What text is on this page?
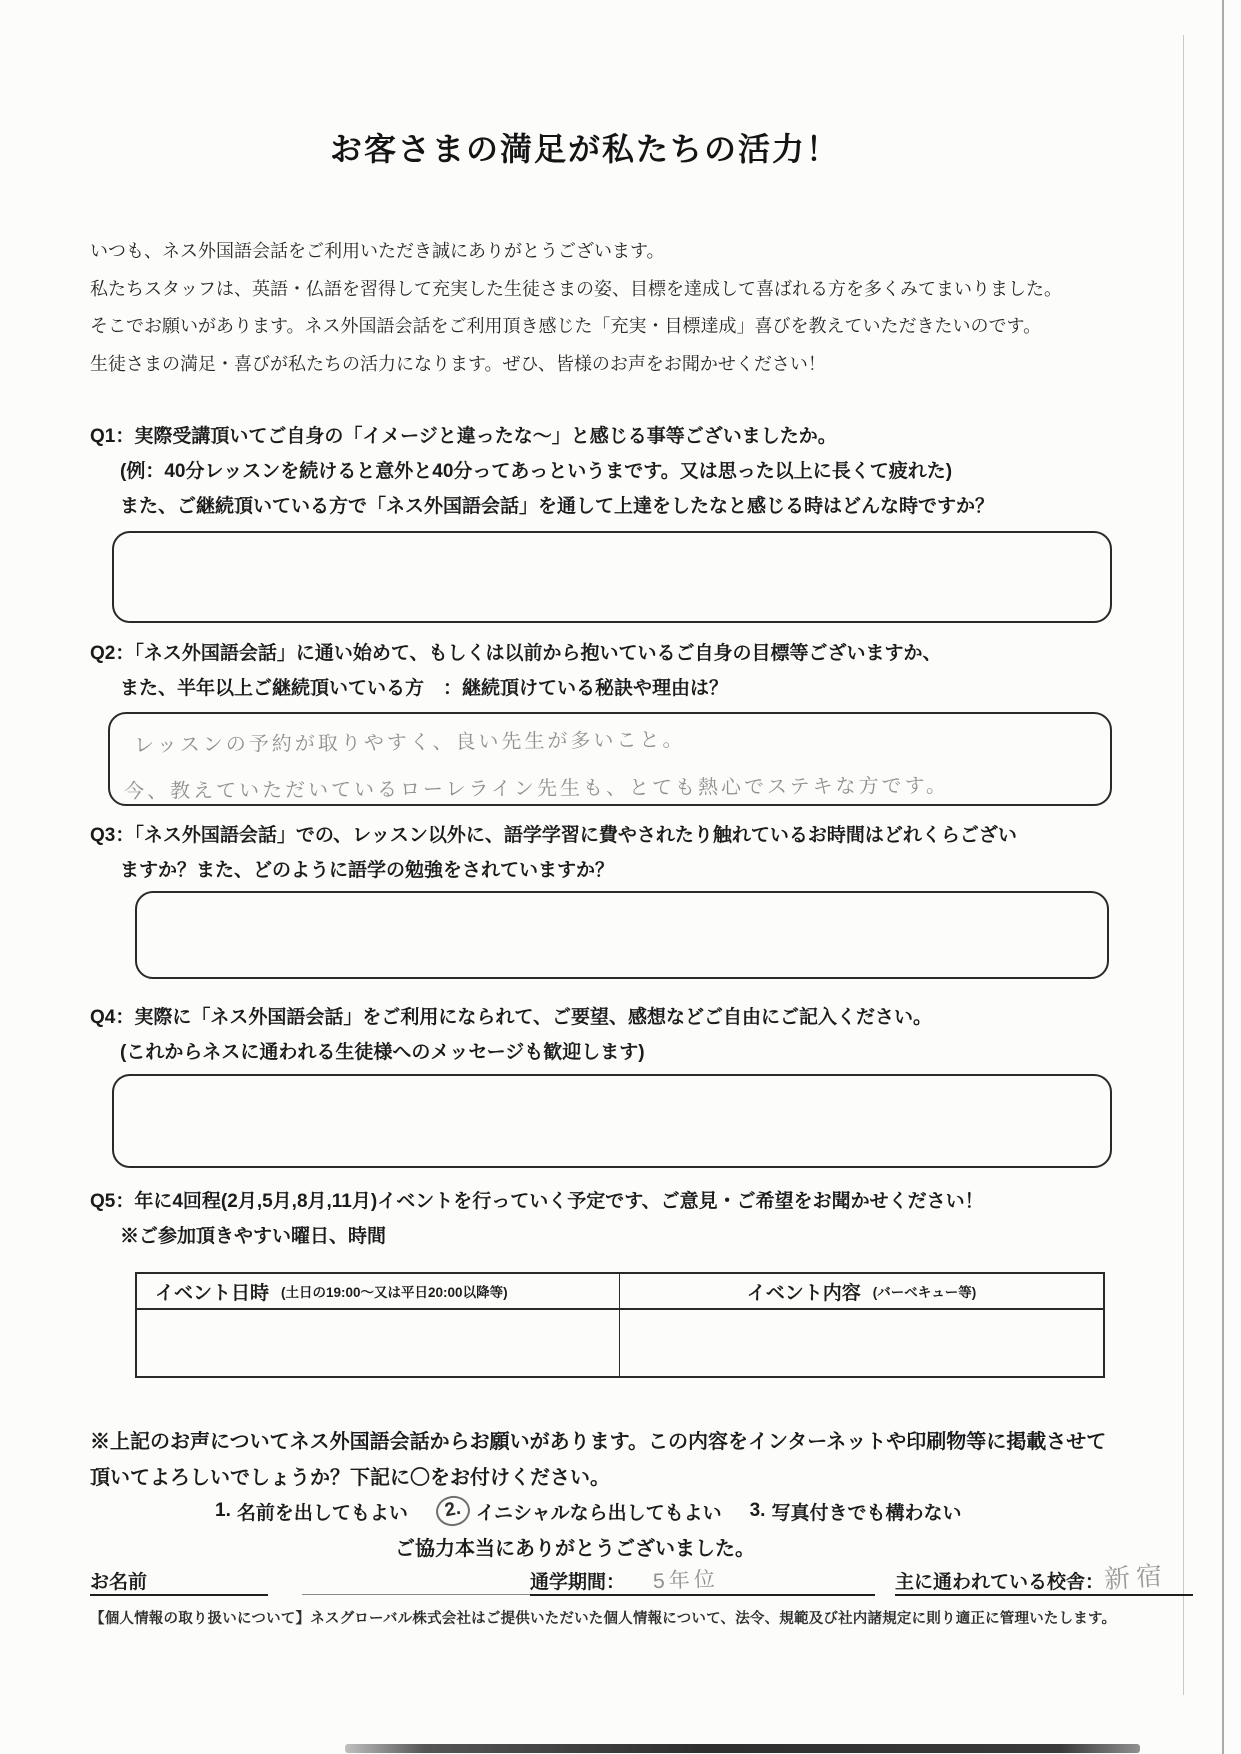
お客さまの満足が私たちの活力！
いつも、ネス外国語会話をご利用いただき誠にありがとうございます。
私たちスタッフは、英語・仏語を習得して充実した生徒さまの姿、目標を達成して喜ばれる方を多くみてまいりました。
そこでお願いがあります。ネス外国語会話をご利用頂き感じた「充実・目標達成」喜びを教えていただきたいのです。
生徒さまの満足・喜びが私たちの活力になります。ぜひ、皆様のお声をお聞かせください！
Q1：実際受講頂いてご自身の「イメージと違ったな～」と感じる事等ございましたか。
(例：40分レッスンを続けると意外と40分ってあっというまです。又は思った以上に長くて疲れた)
また、ご継続頂いている方で「ネス外国語会話」を通して上達をしたなと感じる時はどんな時ですか？
Q2：「ネス外国語会話」に通い始めて、もしくは以前から抱いているご自身の目標等ございますか、
また、半年以上ご継続頂いている方　：継続頂けている秘訣や理由は？
レッスンの予約が取りやすく、良い先生が多いこと。
今、教えていただいているローレライン先生も、とても熱心でステキな方です。
Q3：「ネス外国語会話」での、レッスン以外に、語学学習に費やされたり触れているお時間はどれくらござい
ますか？また、どのように語学の勉強をされていますか？
Q4：実際に「ネス外国語会話」をご利用になられて、ご要望、感想などご自由にご記入ください。
(これからネスに通われる生徒様へのメッセージも歓迎します)
Q5：年に4回程(2月,5月,8月,11月)イベントを行っていく予定です、ご意見・ご希望をお聞かせください！
※ご参加頂きやすい曜日、時間
イベント日時 (土日の19:00～又は平日20:00以降等)	イベント内容 (バーベキュー等)
※上記のお声についてネス外国語会話からお願いがあります。この内容をインターネットや印刷物等に掲載させて
頂いてよろしいでしょうか？下記に〇をお付けください。
1. 名前を出してもよい	2. イニシャルなら出してもよい 3. 写真付きでも構わない
ご協力本当にありがとうございました。
お名前	通学期間： 5年位	主に通われている校舎： 新宿
【個人情報の取り扱いについて】ネスグローバル株式会社はご提供いただいた個人情報について、法令、規範及び社内諸規定に則り適正に管理いたします。
